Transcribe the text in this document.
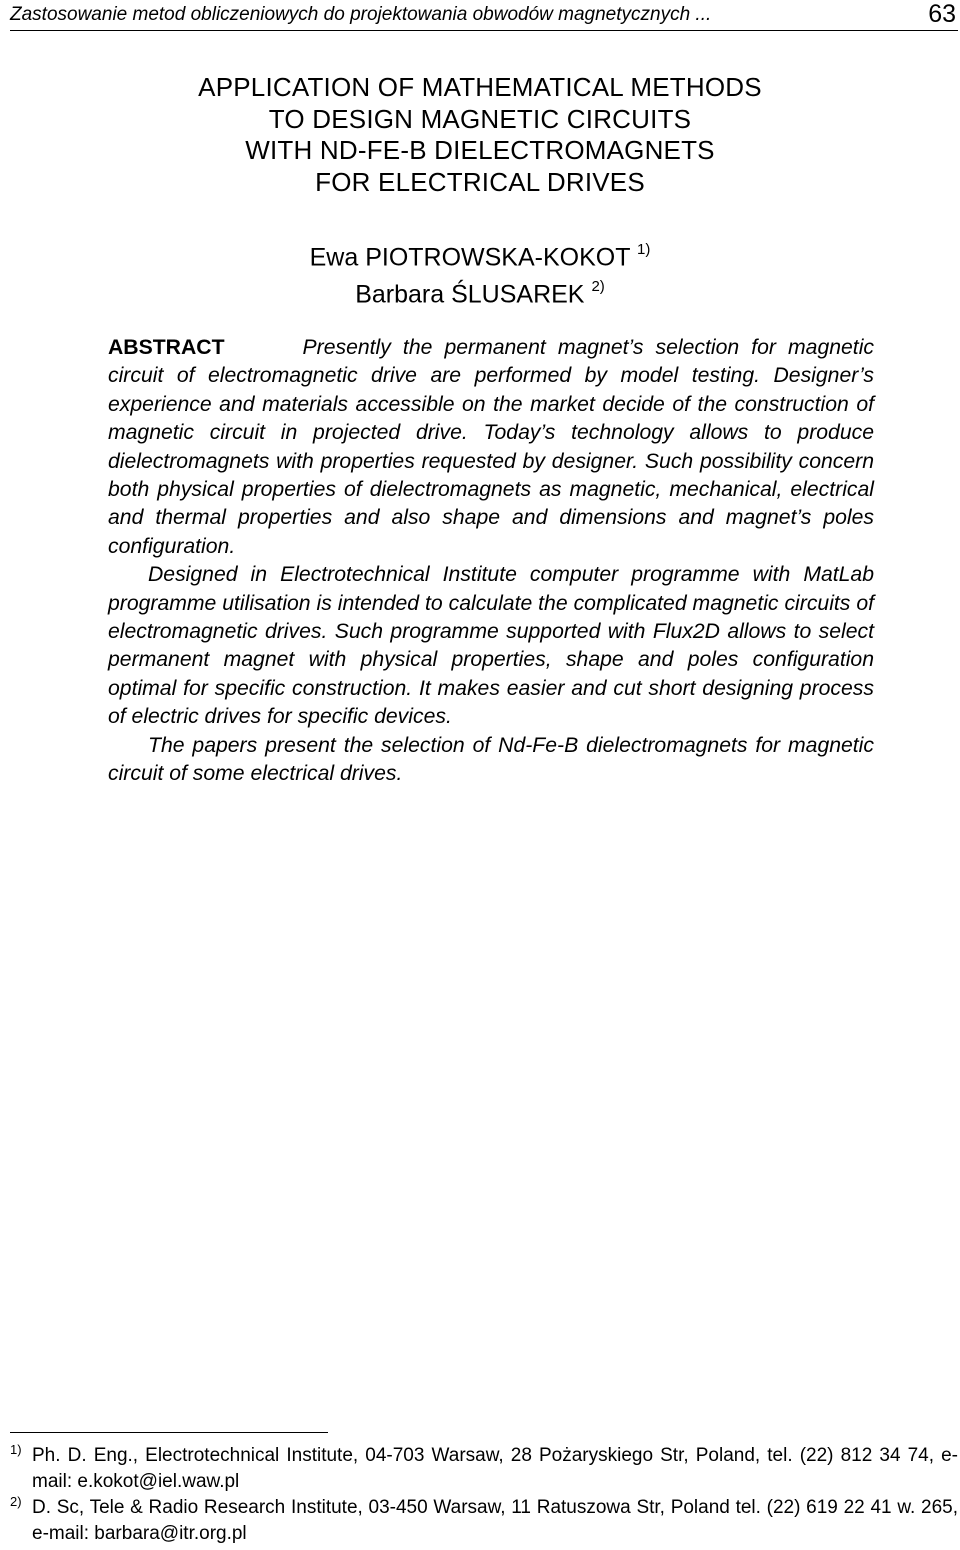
Zastosowanie metod obliczeniowych do projektowania obwodów magnetycznych ...	63
APPLICATION OF MATHEMATICAL METHODS
TO DESIGN MAGNETIC CIRCUITS
WITH ND-FE-B DIELECTROMAGNETS
FOR ELECTRICAL DRIVES
Ewa PIOTROWSKA-KOKOT $^{1)}$
Barbara ŚLUSAREK $^{2)}$

ABSTRACT	Presently the permanent magnet’s selection for magnetic circuit of electromagnetic drive are performed by model testing. Designer’s experience and materials accessible on the market decide of the construction of magnetic circuit in projected drive. Today’s technology allows to produce dielectromagnets with properties requested by designer. Such possibility concern both physical properties of dielectromagnets as magnetic, mechanical, electrical and thermal properties and also shape and dimensions and magnet’s poles configuration.

Designed in Electrotechnical Institute computer programme with MatLab programme utilisation is intended to calculate the complicated magnetic circuits of electromagnetic drives. Such programme supported with Flux2D allows to select permanent magnet with physical properties, shape and poles configuration optimal for specific construction. It makes easier and cut short designing process of electric drives for specific devices.

The papers present the selection of Nd-Fe-B dielectromagnets for magnetic circuit of some electrical drives.

1) Ph. D. Eng., Electrotechnical Institute, 04-703 Warsaw, 28 Pożaryskiego Str, Poland, tel. (22) 812 34 74, e-mail: e.kokot@iel.waw.pl
2) D. Sc, Tele & Radio Research Institute, 03-450 Warsaw, 11 Ratuszowa Str, Poland tel. (22) 619 22 41 w. 265, e-mail: barbara@itr.org.pl
